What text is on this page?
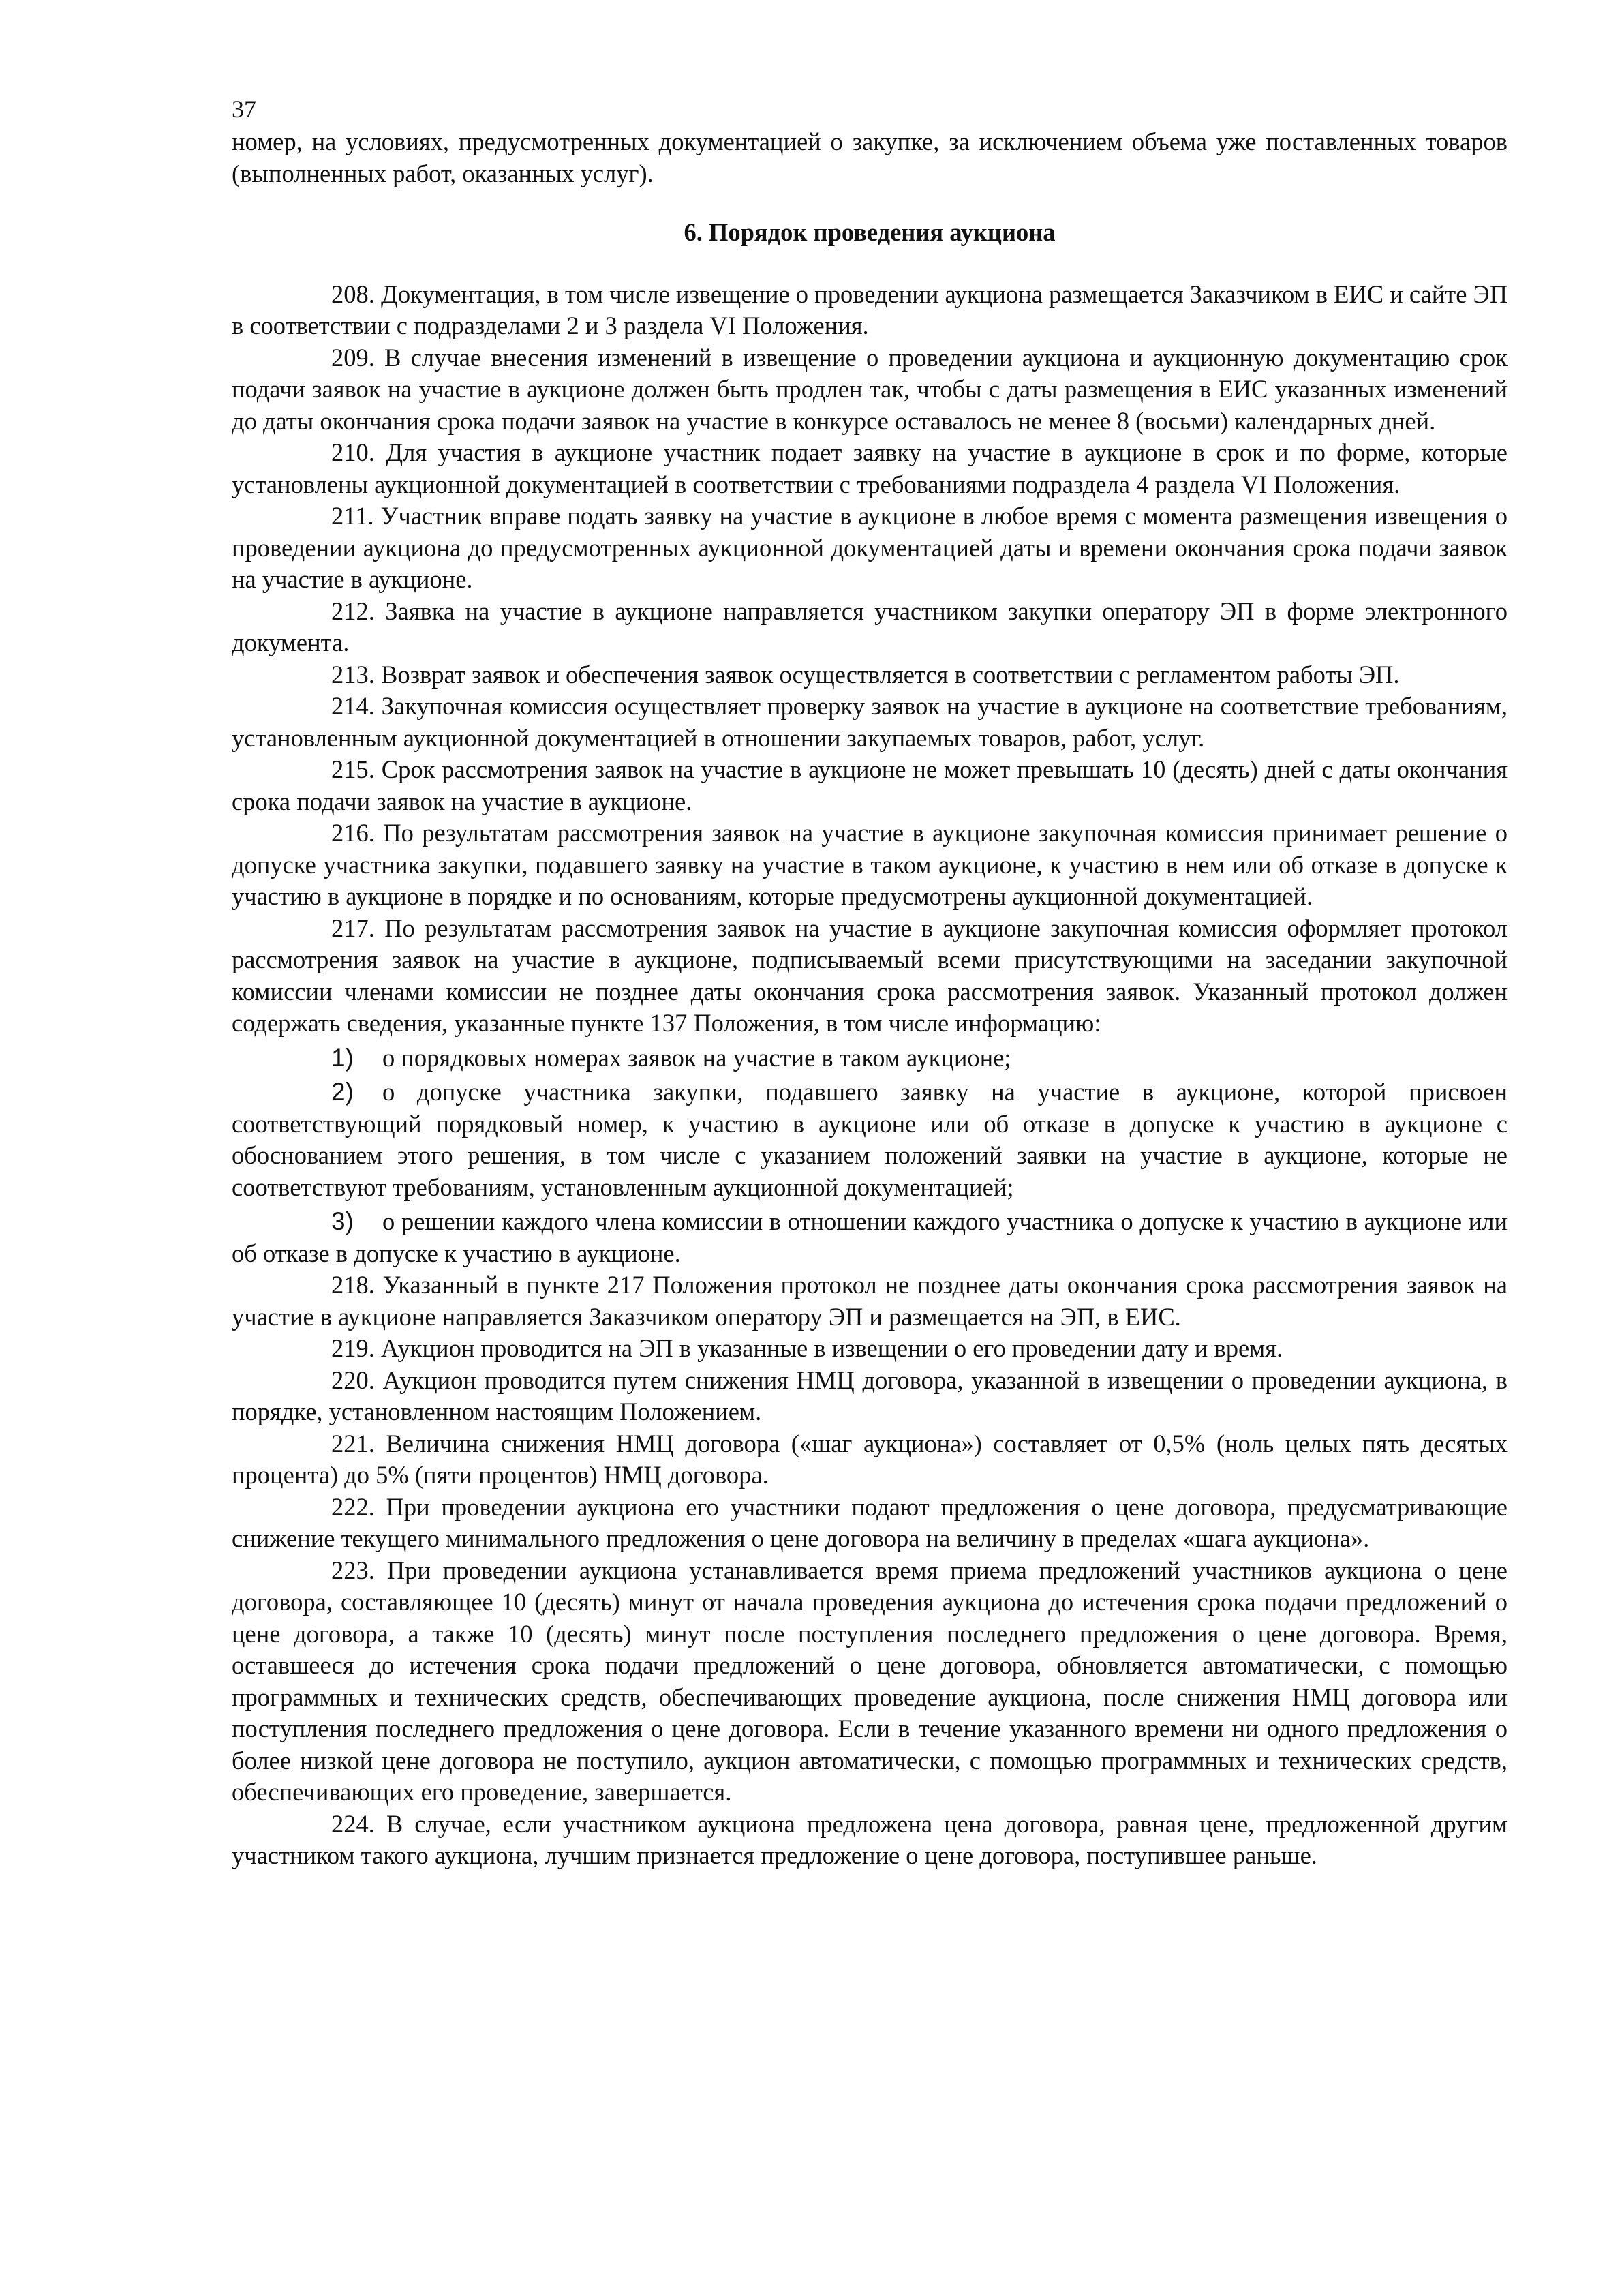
37

номер, на условиях, предусмотренных документацией о закупке, за исключением объема уже поставленных товаров (выполненных работ, оказанных услуг).

6. Порядок проведения аукциона

208. Документация, в том числе извещение о проведении аукциона размещается Заказчиком в ЕИС и сайте ЭП в соответствии с подразделами 2 и 3 раздела VI Положения.

209. В случае внесения изменений в извещение о проведении аукциона и аукционную документацию срок подачи заявок на участие в аукционе должен быть продлен так, чтобы с даты размещения в ЕИС указанных изменений до даты окончания срока подачи заявок на участие в конкурсе оставалось не менее 8 (восьми) календарных дней.

210. Для участия в аукционе участник подает заявку на участие в аукционе в срок и по форме, которые установлены аукционной документацией в соответствии с требованиями подраздела 4 раздела VI Положения.

211. Участник вправе подать заявку на участие в аукционе в любое время с момента размещения извещения о проведении аукциона до предусмотренных аукционной документацией даты и времени окончания срока подачи заявок на участие в аукционе.

212. Заявка на участие в аукционе направляется участником закупки оператору ЭП в форме электронного документа.

213. Возврат заявок и обеспечения заявок осуществляется в соответствии с регламентом работы ЭП.

214. Закупочная комиссия осуществляет проверку заявок на участие в аукционе на соответствие требованиям, установленным аукционной документацией в отношении закупаемых товаров, работ, услуг.

215. Срок рассмотрения заявок на участие в аукционе не может превышать 10 (десять) дней с даты окончания срока подачи заявок на участие в аукционе.

216. По результатам рассмотрения заявок на участие в аукционе закупочная комиссия принимает решение о допуске участника закупки, подавшего заявку на участие в таком аукционе, к участию в нем или об отказе в допуске к участию в аукционе в порядке и по основаниям, которые предусмотрены аукционной документацией.

217. По результатам рассмотрения заявок на участие в аукционе закупочная комиссия оформляет протокол рассмотрения заявок на участие в аукционе, подписываемый всеми присутствующими на заседании закупочной комиссии членами комиссии не позднее даты окончания срока рассмотрения заявок. Указанный протокол должен содержать сведения, указанные пункте 137 Положения, в том числе информацию:

1) о порядковых номерах заявок на участие в таком аукционе;

2) о допуске участника закупки, подавшего заявку на участие в аукционе, которой присвоен соответствующий порядковый номер, к участию в аукционе или об отказе в допуске к участию в аукционе с обоснованием этого решения, в том числе с указанием положений заявки на участие в аукционе, которые не соответствуют требованиям, установленным аукционной документацией;

3) о решении каждого члена комиссии в отношении каждого участника о допуске к участию в аукционе или об отказе в допуске к участию в аукционе.

218. Указанный в пункте 217 Положения протокол не позднее даты окончания срока рассмотрения заявок на участие в аукционе направляется Заказчиком оператору ЭП и размещается на ЭП, в ЕИС.

219. Аукцион проводится на ЭП в указанные в извещении о его проведении дату и время.

220. Аукцион проводится путем снижения НМЦ договора, указанной в извещении о проведении аукциона, в порядке, установленном настоящим Положением.

221. Величина снижения НМЦ договора («шаг аукциона») составляет от 0,5% (ноль целых пять десятых процента) до 5% (пяти процентов) НМЦ договора.

222. При проведении аукциона его участники подают предложения о цене договора, предусматривающие снижение текущего минимального предложения о цене договора на величину в пределах «шага аукциона».

223. При проведении аукциона устанавливается время приема предложений участников аукциона о цене договора, составляющее 10 (десять) минут от начала проведения аукциона до истечения срока подачи предложений о цене договора, а также 10 (десять) минут после поступления последнего предложения о цене договора. Время, оставшееся до истечения срока подачи предложений о цене договора, обновляется автоматически, с помощью программных и технических средств, обеспечивающих проведение аукциона, после снижения НМЦ договора или поступления последнего предложения о цене договора. Если в течение указанного времени ни одного предложения о более низкой цене договора не поступило, аукцион автоматически, с помощью программных и технических средств, обеспечивающих его проведение, завершается.

224. В случае, если участником аукциона предложена цена договора, равная цене, предложенной другим участником такого аукциона, лучшим признается предложение о цене договора, поступившее раньше.
